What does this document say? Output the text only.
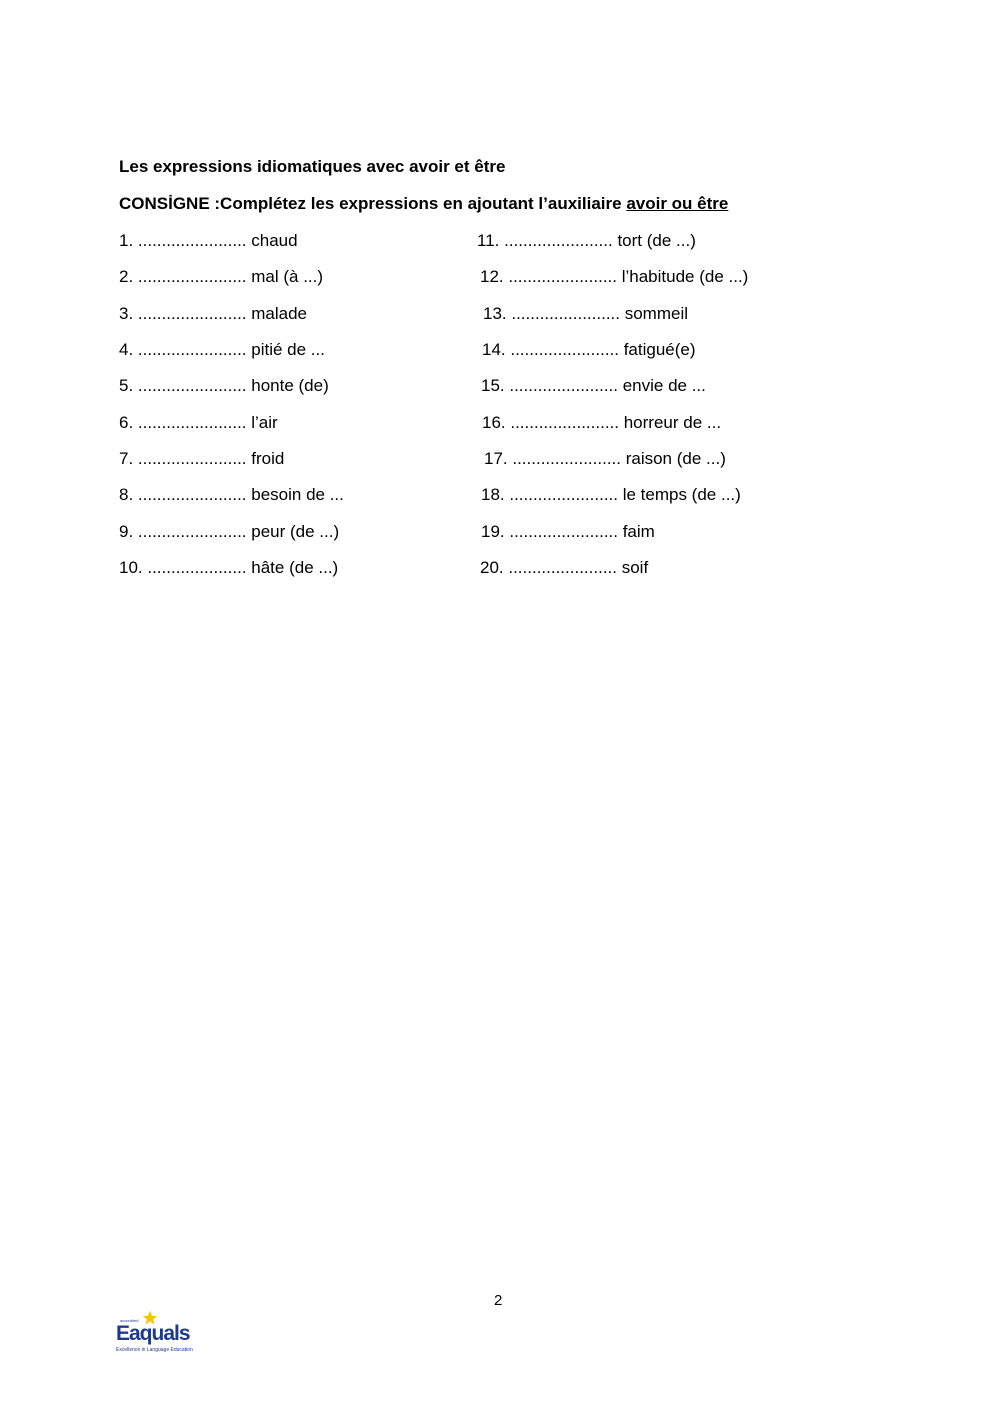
Les expressions idiomatiques avec avoir et être
CONSİGNE :Complétez les expressions en ajoutant l’auxiliaire avoir ou être
1. ....................... chaud
2. ....................... mal (à ...)
3. ....................... malade
4. ....................... pitié de ...
5. ....................... honte (de)
6. ....................... l’air
7. ....................... froid
8. ....................... besoin de ...
9. ....................... peur (de ...)
10. ..................... hâte (de ...)
11. ....................... tort (de ...)
12. ....................... l’habitude (de ...)
13. ....................... sommeil
14. ....................... fatigué(e)
15. ....................... envie de ...
16. ....................... horreur de ...
17. ....................... raison (de ...)
18. ....................... le temps (de ...)
19. ....................... faim
20. ....................... soif
2
accredited
Eaquals
Excellence in Language Education
